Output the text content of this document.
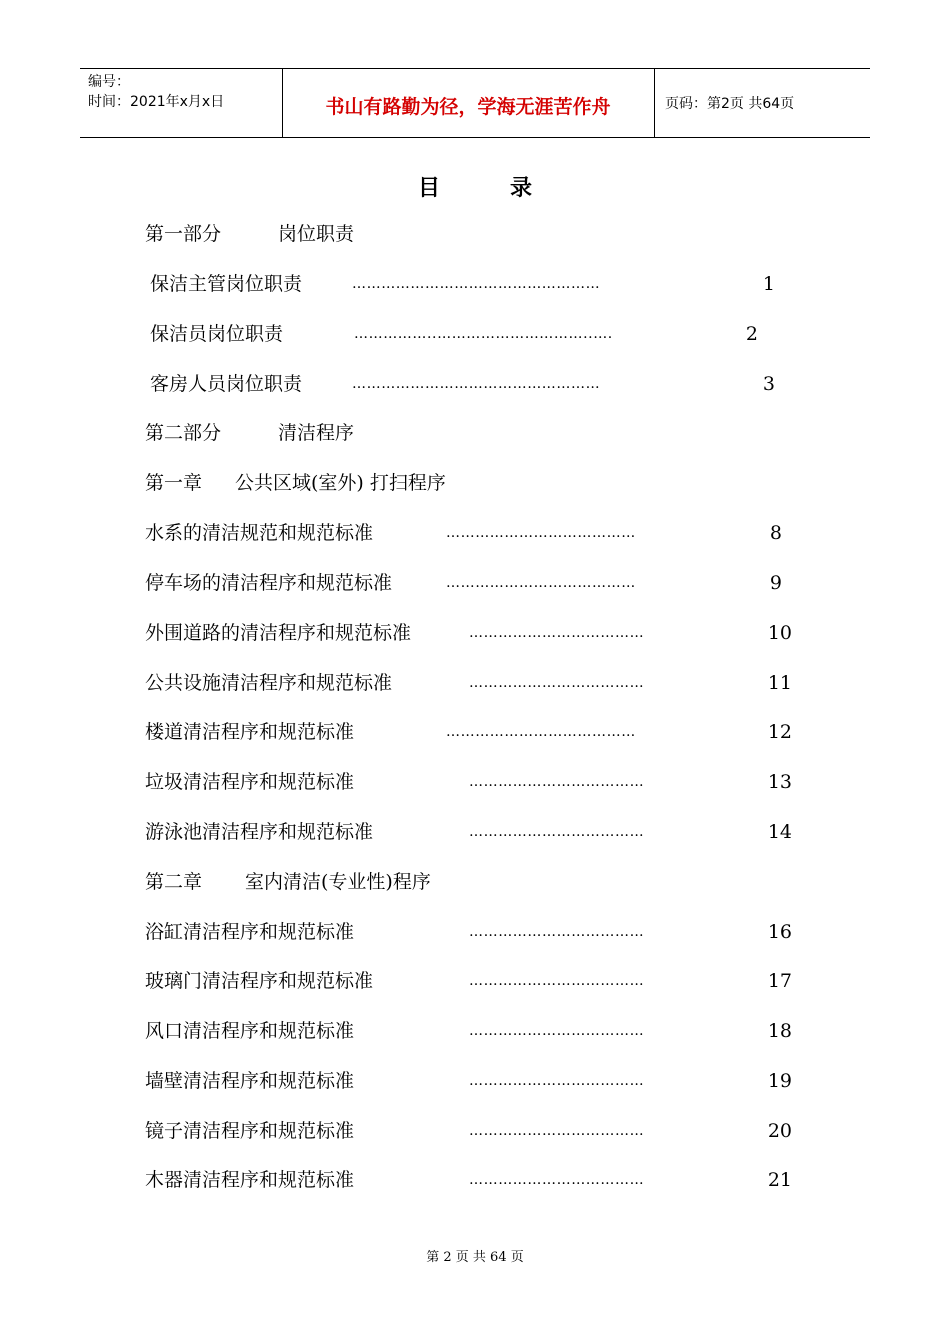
编号：
时间：2021年x月x日	书山有路勤为径，学海无涯苦作舟	页码：第2页 共64页
目录
第一部分	岗位职责
保洁主管岗位职责	……………………………………………	1
保洁员岗位职责	……………..…………………………..….	2
客房人员岗位职责	……………………………………………	3
第二部分	清洁程序
第一章 公共区域(室外) 打扫程序
水系的清洁规范和规范标准	…………………………………	8
停车场的清洁程序和规范标准	…………………………………	9
外围道路的清洁程序和规范标准	………………………………	10
公共设施清洁程序和规范标准	………………………………	11
楼道清洁程序和规范标准	…………………………………	12
垃圾清洁程序和规范标准	………………………………	13
游泳池清洁程序和规范标准	………………………………	14
第二章 室内清洁(专业性)程序
浴缸清洁程序和规范标准	………………………………	16
玻璃门清洁程序和规范标准	………………………………	17
风口清洁程序和规范标准	………………………………	18
墙壁清洁程序和规范标准	………………………………	19
镜子清洁程序和规范标准	………………………………	20
木器清洁程序和规范标准	………………………………	21
第 2 页 共 64 页
